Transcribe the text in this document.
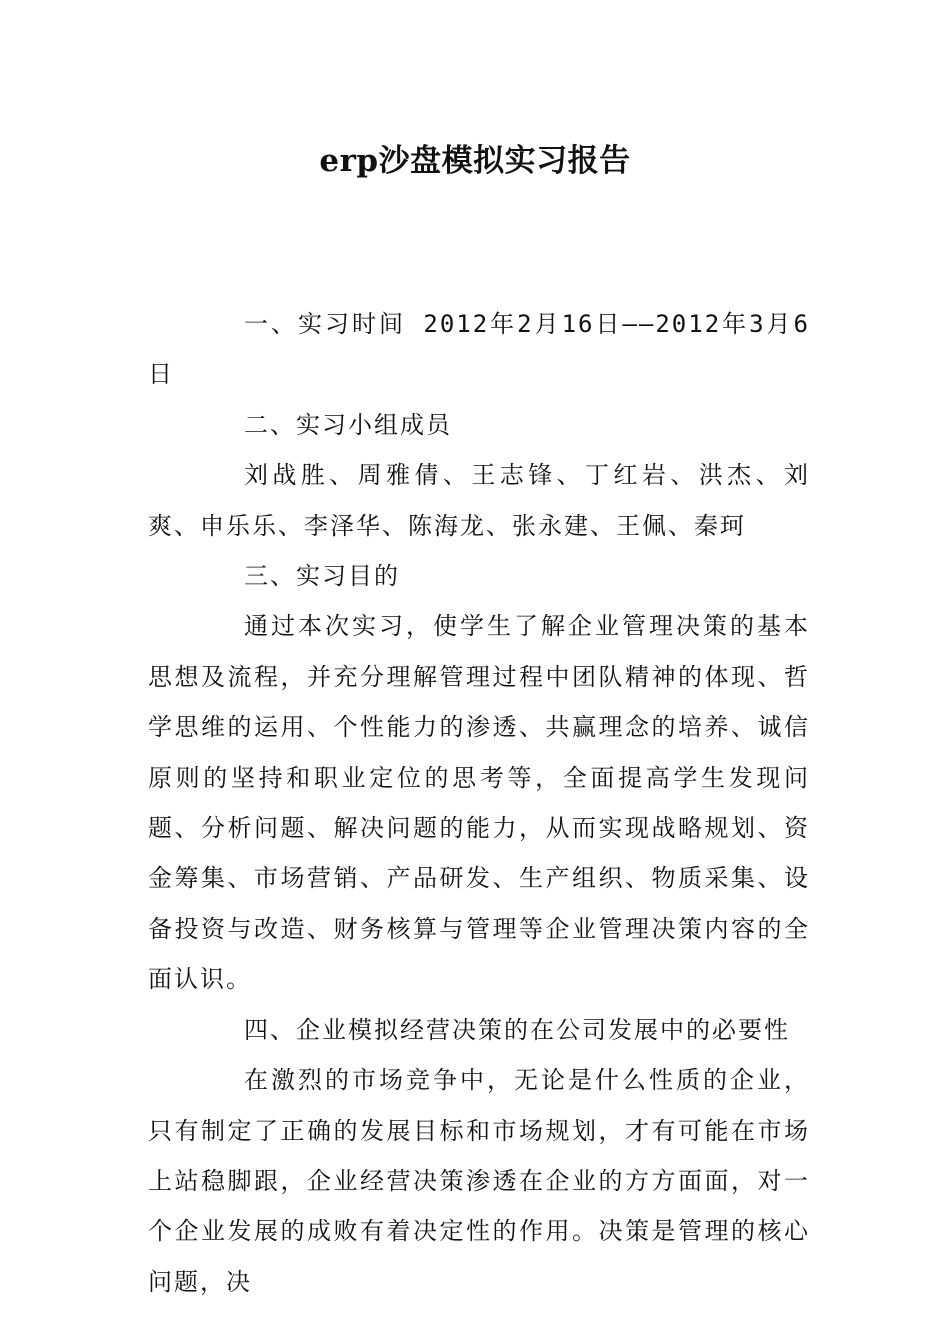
erp沙盘模拟实习报告

一、实习时间 2012年2月16日——2012年3月6日

二、实习小组成员

刘战胜、周雅倩、王志锋、丁红岩、洪杰、刘爽、申乐乐、李泽华、陈海龙、张永建、王佩、秦珂

三、实习目的

通过本次实习，使学生了解企业管理决策的基本思想及流程，并充分理解管理过程中团队精神的体现、哲学思维的运用、个性能力的渗透、共赢理念的培养、诚信原则的坚持和职业定位的思考等，全面提高学生发现问题、分析问题、解决问题的能力，从而实现战略规划、资金筹集、市场营销、产品研发、生产组织、物质采集、设备投资与改造、财务核算与管理等企业管理决策内容的全面认识。

四、企业模拟经营决策的在公司发展中的必要性

在激烈的市场竞争中，无论是什么性质的企业，只有制定了正确的发展目标和市场规划，才有可能在市场上站稳脚跟，企业经营决策渗透在企业的方方面面，对一个企业发展的成败有着决定性的作用。决策是管理的核心问题，决
